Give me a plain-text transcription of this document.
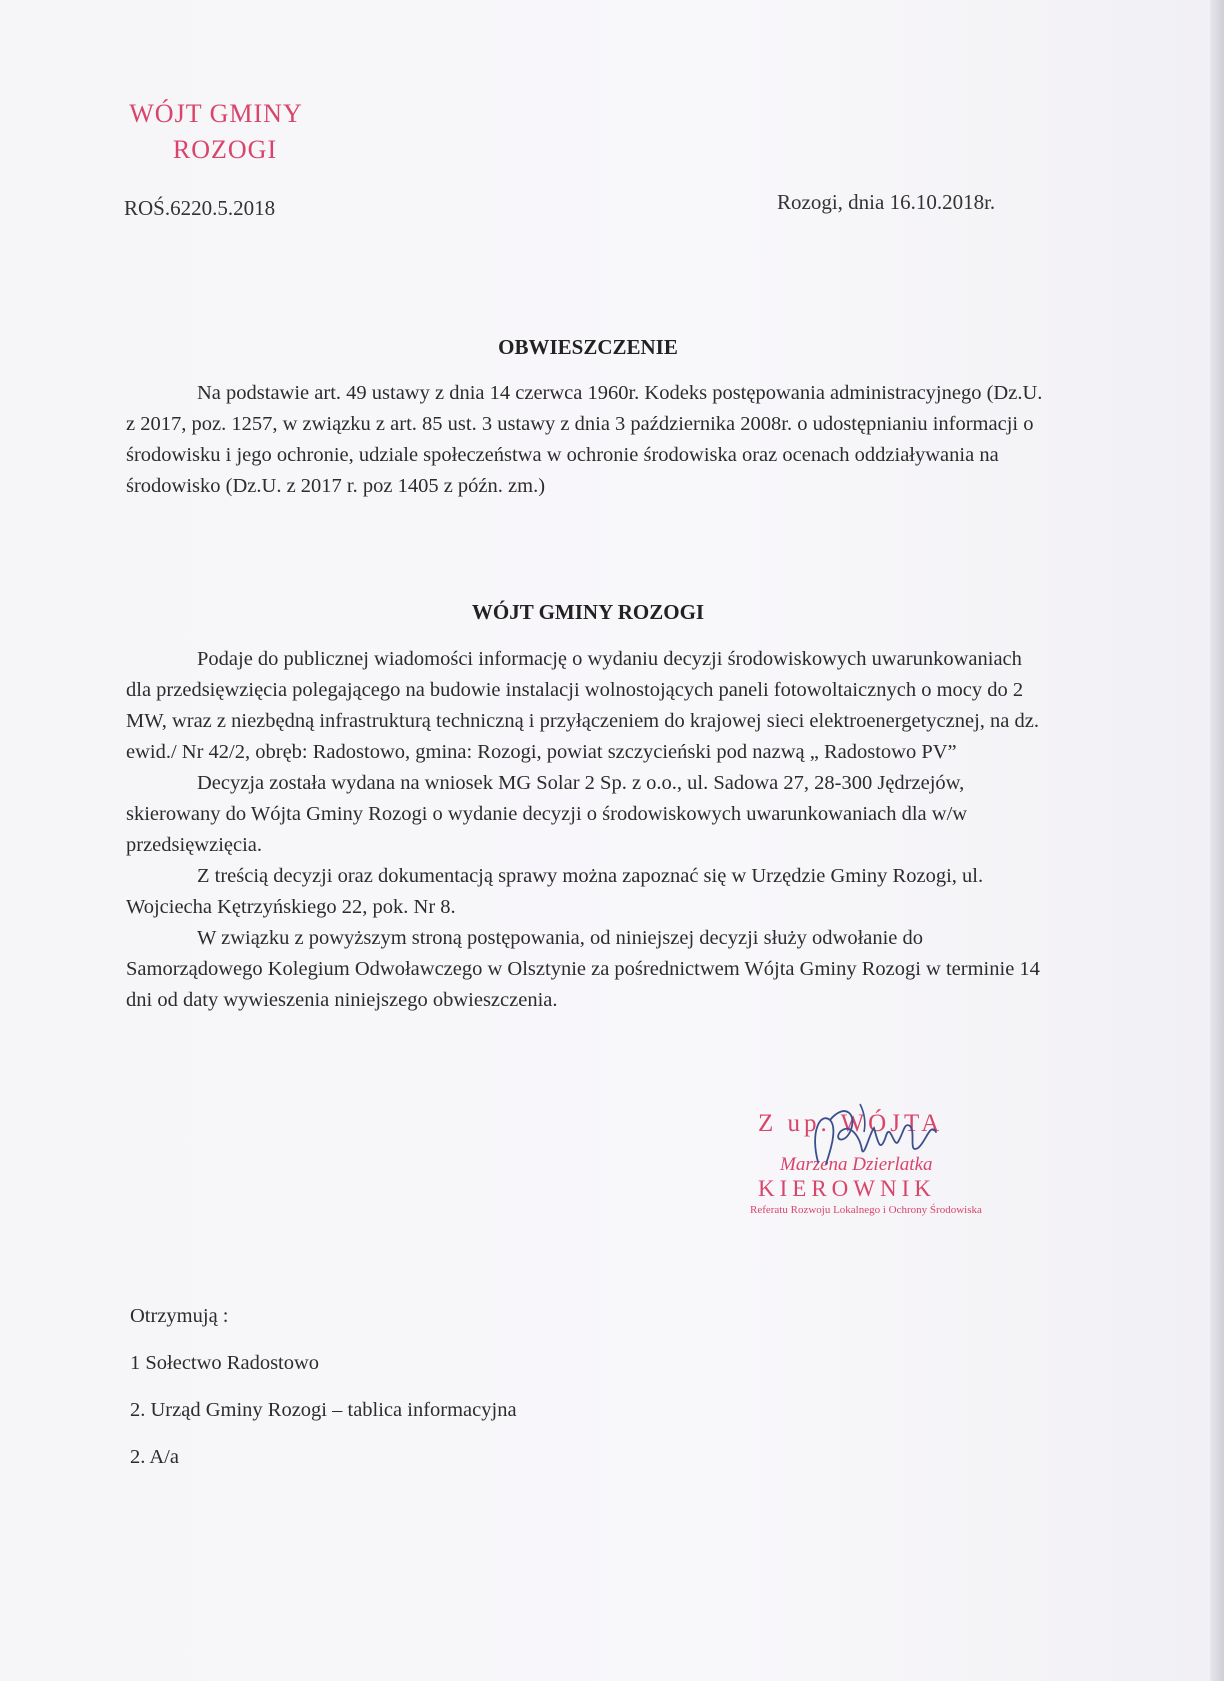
WÓJT GMINY
ROZOGI
ROŚ.6220.5.2018	Rozogi, dnia 16.10.2018r.
OBWIESZCZENIE
Na podstawie art. 49 ustawy z dnia 14 czerwca 1960r. Kodeks postępowania administracyjnego (Dz.U. z 2017, poz. 1257, w związku z art. 85 ust. 3 ustawy z dnia 3 października 2008r. o udostępnianiu informacji o środowisku i jego ochronie, udziale społeczeństwa w ochronie środowiska oraz ocenach oddziaływania na środowisko (Dz.U. z 2017 r. poz 1405 z późn. zm.)
WÓJT GMINY ROZOGI

Podaje do publicznej wiadomości informację o wydaniu decyzji środowiskowych uwarunkowaniach dla przedsięwzięcia polegającego na budowie instalacji wolnostojących paneli fotowoltaicznych o mocy do 2 MW, wraz z niezbędną infrastrukturą techniczną i przyłączeniem do krajowej sieci elektroenergetycznej, na dz. ewid./ Nr 42/2, obręb: Radostowo, gmina: Rozogi, powiat szczycieński pod nazwą „ Radostowo PV”

Decyzja została wydana na wniosek MG Solar 2 Sp. z o.o., ul. Sadowa 27, 28-300 Jędrzejów, skierowany do Wójta Gminy Rozogi o wydanie decyzji o środowiskowych uwarunkowaniach dla w/w przedsięwzięcia.

Z treścią decyzji oraz dokumentacją sprawy można zapoznać się w Urzędzie Gminy Rozogi, ul. Wojciecha Kętrzyńskiego 22, pok. Nr 8.

W związku z powyższym stroną postępowania, od niniejszej decyzji służy odwołanie do Samorządowego Kolegium Odwoławczego w Olsztynie za pośrednictwem Wójta Gminy Rozogi w terminie 14 dni od daty wywieszenia niniejszego obwieszczenia.

Z up. WÓJTA
Marzena Dzierlatka
KIEROWNIK
Referatu Rozwoju Lokalnego i Ochrony Środowiska
Otrzymują :
1 Sołectwo Radostowo
2. Urząd Gminy Rozogi – tablica informacyjna
2. A/a
